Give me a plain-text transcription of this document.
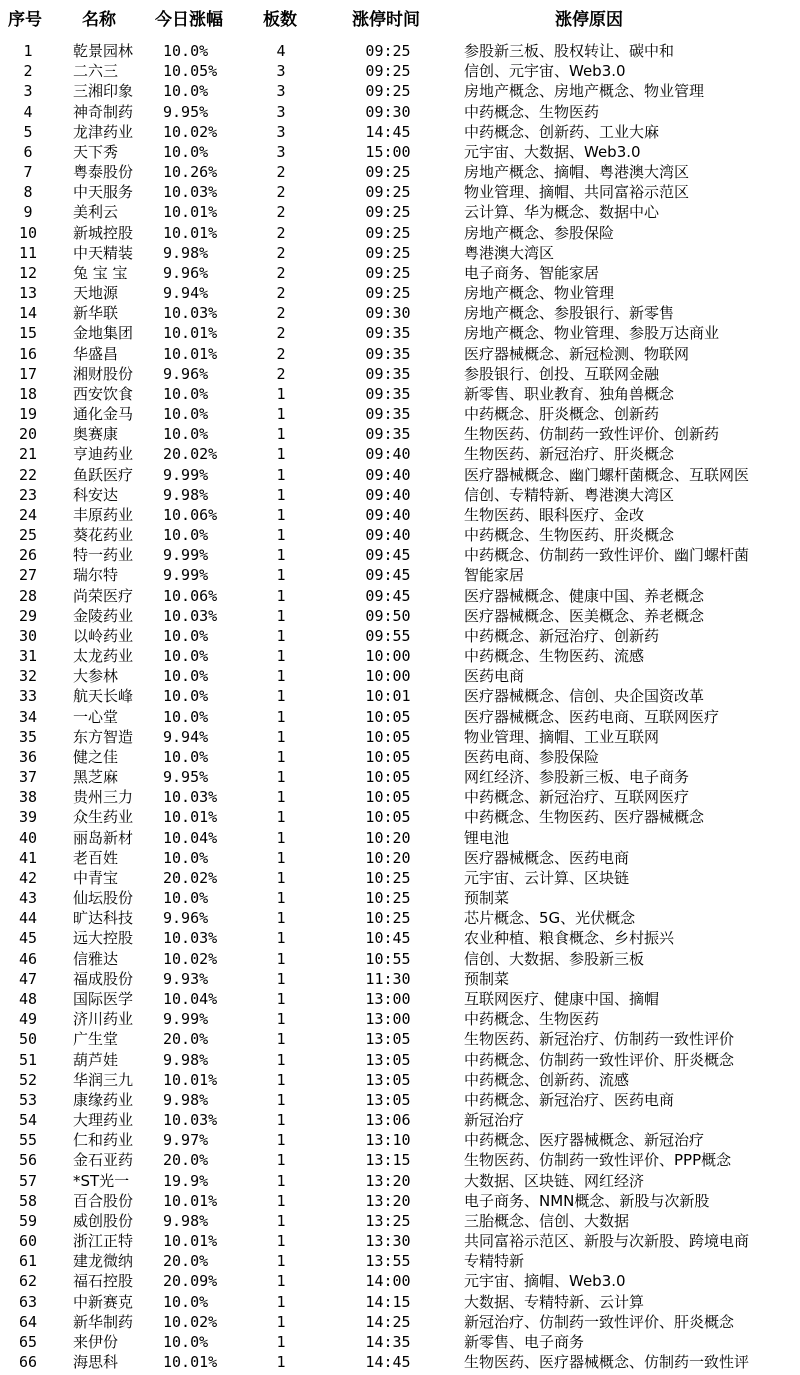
序号 名称 今日涨幅 板数	涨停时间	涨停原因
1	乾景园林	10.0%	4	09:25	参股新三板、股权转让、碳中和
2	二六三	10.05%	3	09:25	信创、元宇宙、Web3.0
3	三湘印象	10.0%	3	09:25	房地产概念、房地产概念、物业管理
4	神奇制药	9.95%	3	09:30	中药概念、生物医药
5	龙津药业	10.02%	3	14:45	中药概念、创新药、工业大麻
6	天下秀	10.0%	3	15:00	元宇宙、大数据、Web3.0
7	粤泰股份	10.26%	2	09:25	房地产概念、摘帽、粤港澳大湾区
8	中天服务	10.03%	2	09:25	物业管理、摘帽、共同富裕示范区
9	美利云	10.01%	2	09:25	云计算、华为概念、数据中心
10	新城控股	10.01%	2	09:25	房地产概念、参股保险
11	中天精装	9.98%	2	09:25	粤港澳大湾区
12	兔 宝 宝	9.96%	2	09:25	电子商务、智能家居
13	天地源	9.94%	2	09:25	房地产概念、物业管理
14	新华联	10.03%	2	09:30	房地产概念、参股银行、新零售
15	金地集团	10.01%	2	09:35	房地产概念、物业管理、参股万达商业
16	华盛昌	10.01%	2	09:35	医疗器械概念、新冠检测、物联网
17	湘财股份	9.96%	2	09:35	参股银行、创投、互联网金融
18	西安饮食	10.0%	1	09:35	新零售、职业教育、独角兽概念
19	通化金马	10.0%	1	09:35	中药概念、肝炎概念、创新药
20	奥赛康	10.0%	1	09:35	生物医药、仿制药一致性评价、创新药
21	亨迪药业	20.02%	1	09:40	生物医药、新冠治疗、肝炎概念
22	鱼跃医疗	9.99%	1	09:40	医疗器械概念、幽门螺杆菌概念、互联网医
23	科安达	9.98%	1	09:40	信创、专精特新、粤港澳大湾区
24	丰原药业	10.06%	1	09:40	生物医药、眼科医疗、金改
25	葵花药业	10.0%	1	09:40	中药概念、生物医药、肝炎概念
26	特一药业	9.99%	1	09:45	中药概念、仿制药一致性评价、幽门螺杆菌
27	瑞尔特	9.99%	1	09:45	智能家居
28	尚荣医疗	10.06%	1	09:45	医疗器械概念、健康中国、养老概念
29	金陵药业	10.03%	1	09:50	医疗器械概念、医美概念、养老概念
30	以岭药业	10.0%	1	09:55	中药概念、新冠治疗、创新药
31	太龙药业	10.0%	1	10:00	中药概念、生物医药、流感
32	大参林	10.0%	1	10:00	医药电商
33	航天长峰	10.0%	1	10:01	医疗器械概念、信创、央企国资改革
34	一心堂	10.0%	1	10:05	医疗器械概念、医药电商、互联网医疗
35	东方智造	9.94%	1	10:05	物业管理、摘帽、工业互联网
36	健之佳	10.0%	1	10:05	医药电商、参股保险
37	黑芝麻	9.95%	1	10:05	网红经济、参股新三板、电子商务
38	贵州三力	10.03%	1	10:05	中药概念、新冠治疗、互联网医疗
39	众生药业	10.01%	1	10:05	中药概念、生物医药、医疗器械概念
40	丽岛新材	10.04%	1	10:20	锂电池
41	老百姓	10.0%	1	10:20	医疗器械概念、医药电商
42	中青宝	20.02%	1	10:25	元宇宙、云计算、区块链
43	仙坛股份	10.0%	1	10:25	预制菜
44	旷达科技	9.96%	1	10:25	芯片概念、5G、光伏概念
45	远大控股	10.03%	1	10:45	农业种植、粮食概念、乡村振兴
46	信雅达	10.02%	1	10:55	信创、大数据、参股新三板
47	福成股份	9.93%	1	11:30	预制菜
48	国际医学	10.04%	1	13:00	互联网医疗、健康中国、摘帽
49	济川药业	9.99%	1	13:00	中药概念、生物医药
50	广生堂	20.0%	1	13:05	生物医药、新冠治疗、仿制药一致性评价
51	葫芦娃	9.98%	1	13:05	中药概念、仿制药一致性评价、肝炎概念
52	华润三九	10.01%	1	13:05	中药概念、创新药、流感
53	康缘药业	9.98%	1	13:05	中药概念、新冠治疗、医药电商
54	大理药业	10.03%	1	13:06	新冠治疗
55	仁和药业	9.97%	1	13:10	中药概念、医疗器械概念、新冠治疗
56	金石亚药	20.0%	1	13:15	生物医药、仿制药一致性评价、PPP概念
57	*ST光一	19.9%	1	13:20	大数据、区块链、网红经济
58	百合股份	10.01%	1	13:20	电子商务、NMN概念、新股与次新股
59	威创股份	9.98%	1	13:25	三胎概念、信创、大数据
60	浙江正特	10.01%	1	13:30	共同富裕示范区、新股与次新股、跨境电商
61	建龙微纳	20.0%	1	13:55	专精特新
62	福石控股	20.09%	1	14:00	元宇宙、摘帽、Web3.0
63	中新赛克	10.0%	1	14:15	大数据、专精特新、云计算
64	新华制药	10.02%	1	14:25	新冠治疗、仿制药一致性评价、肝炎概念
65	来伊份	10.0%	1	14:35	新零售、电子商务
66	海思科	10.01%	1	14:45	生物医药、医疗器械概念、仿制药一致性评
